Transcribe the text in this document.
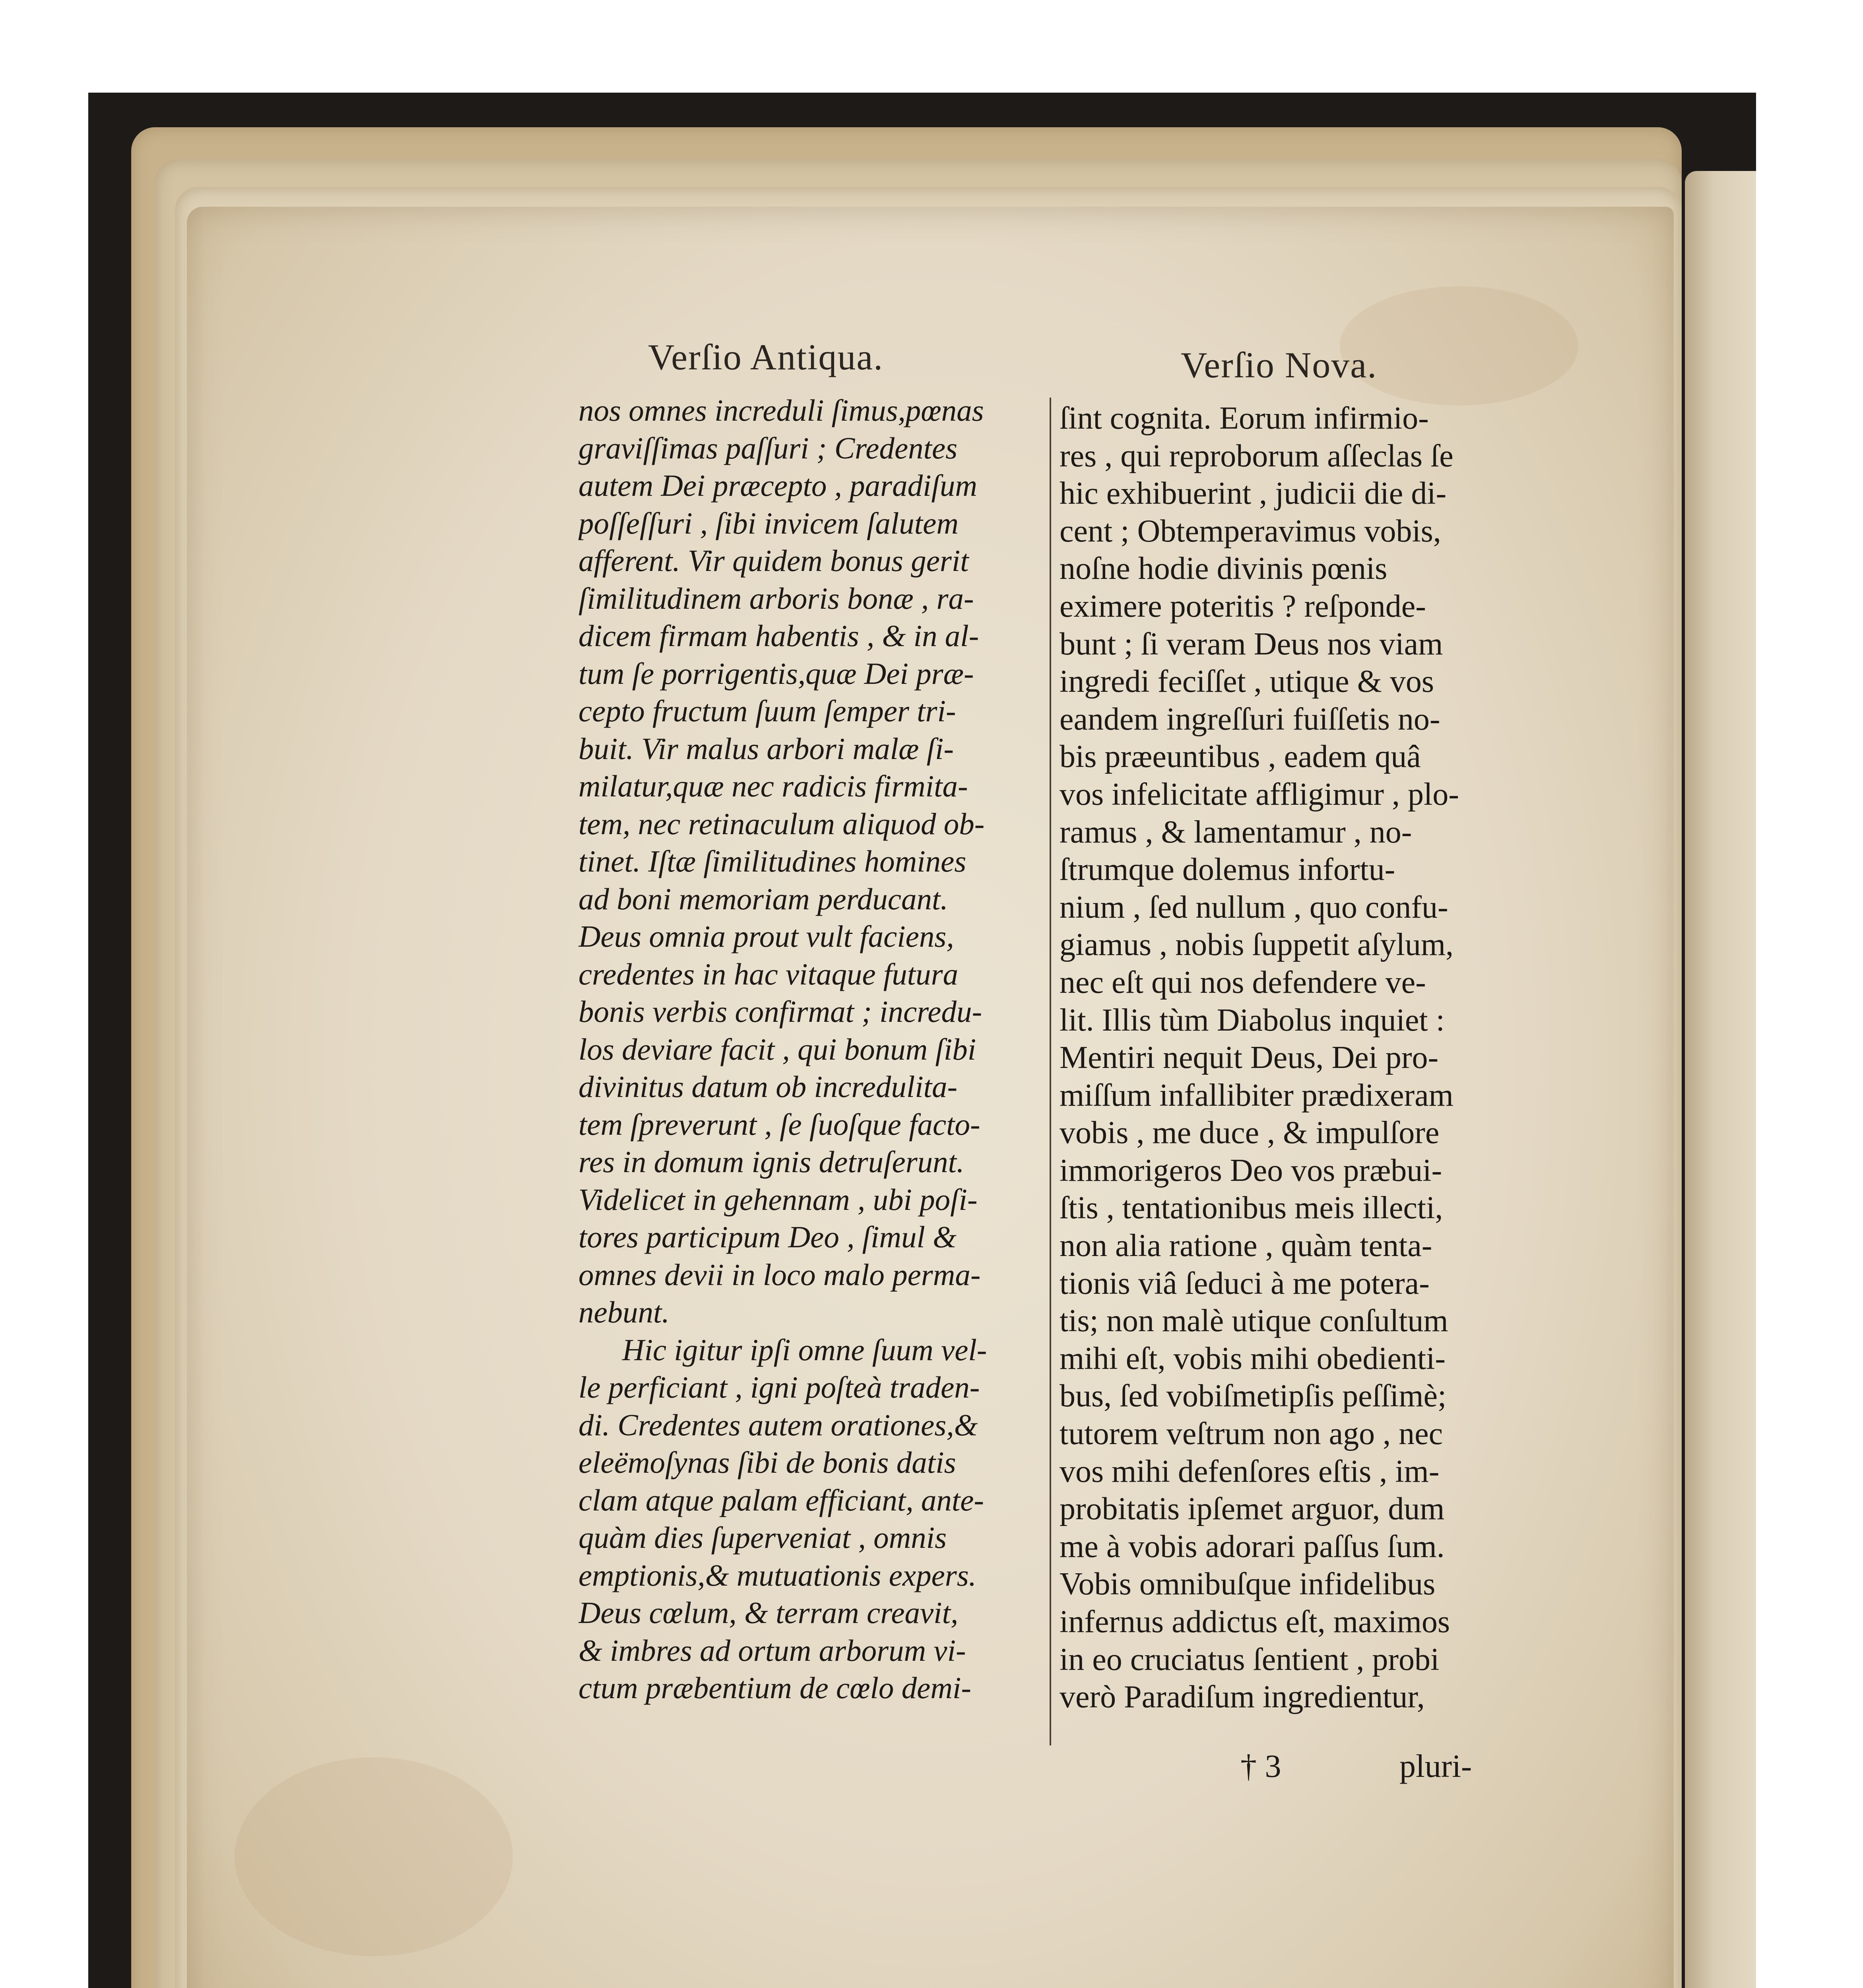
Verſio Antiqua.	Verſio Nova.
nos omnes increduli ſimus,pœnas
graviſſimas paſſuri ; Credentes
autem Dei præcepto , paradiſum
poſſeſſuri , ſibi invicem ſalutem
afferent. Vir quidem bonus gerit
ſimilitudinem arboris bonæ , ra-
dicem firmam habentis , & in al-
tum ſe porrigentis,quæ Dei præ-
cepto fructum ſuum ſemper tri-
buit. Vir malus arbori malæ ſi-
milatur,quæ nec radicis firmita-
tem, nec retinaculum aliquod ob-
tinet. Iſtæ ſimilitudines homines
ad boni memoriam perducant.
Deus omnia prout vult faciens,
credentes in hac vitaque futura
bonis verbis confirmat ; incredu-
los deviare facit , qui bonum ſibi
divinitus datum ob incredulita-
tem ſpreverunt , ſe ſuoſque facto-
res in domum ignis detruſerunt.
Videlicet in gehennam , ubi poſi-
tores participum Deo , ſimul &
omnes devii in loco malo perma-
nebunt.
Hic igitur ipſi omne ſuum vel-
le perficiant , igni poſteà traden-
di. Credentes autem orationes,&
eleëmoſynas ſibi de bonis datis
clam atque palam efficiant, ante-
quàm dies ſuperveniat , omnis
emptionis,& mutuationis expers.
Deus cœlum, & terram creavit,
& imbres ad ortum arborum vi-
ctum præbentium de cœlo demi-
ſint cognita. Eorum infirmio-
res , qui reproborum aſſeclas ſe
hic exhibuerint , judicii die di-
cent ; Obtemperavimus vobis,
noſne hodie divinis pœnis
eximere poteritis ? reſponde-
bunt ; ſi veram Deus nos viam
ingredi feciſſet , utique & vos
eandem ingreſſuri fuiſſetis no-
bis præeuntibus , eadem quâ
vos infelicitate affligimur , plo-
ramus , & lamentamur , no-
ſtrumque dolemus infortu-
nium , ſed nullum , quo confu-
giamus , nobis ſuppetit aſylum,
nec eſt qui nos defendere ve-
lit. Illis tùm Diabolus inquiet :
Mentiri nequit Deus, Dei pro-
miſſum infallibiter prædixeram
vobis , me duce , & impulſore
immorigeros Deo vos præbui-
ſtis , tentationibus meis illecti,
non alia ratione , quàm tenta-
tionis viâ ſeduci à me potera-
tis; non malè utique conſultum
mihi eſt, vobis mihi obedienti-
bus, ſed vobiſmetipſis peſſimè;
tutorem veſtrum non ago , nec
vos mihi defenſores eſtis , im-
probitatis ipſemet arguor, dum
me à vobis adorari paſſus ſum.
Vobis omnibuſque infidelibus
infernus addictus eſt, maximos
in eo cruciatus ſentient , probi
verò Paradiſum ingredientur,
† 3	pluri-
